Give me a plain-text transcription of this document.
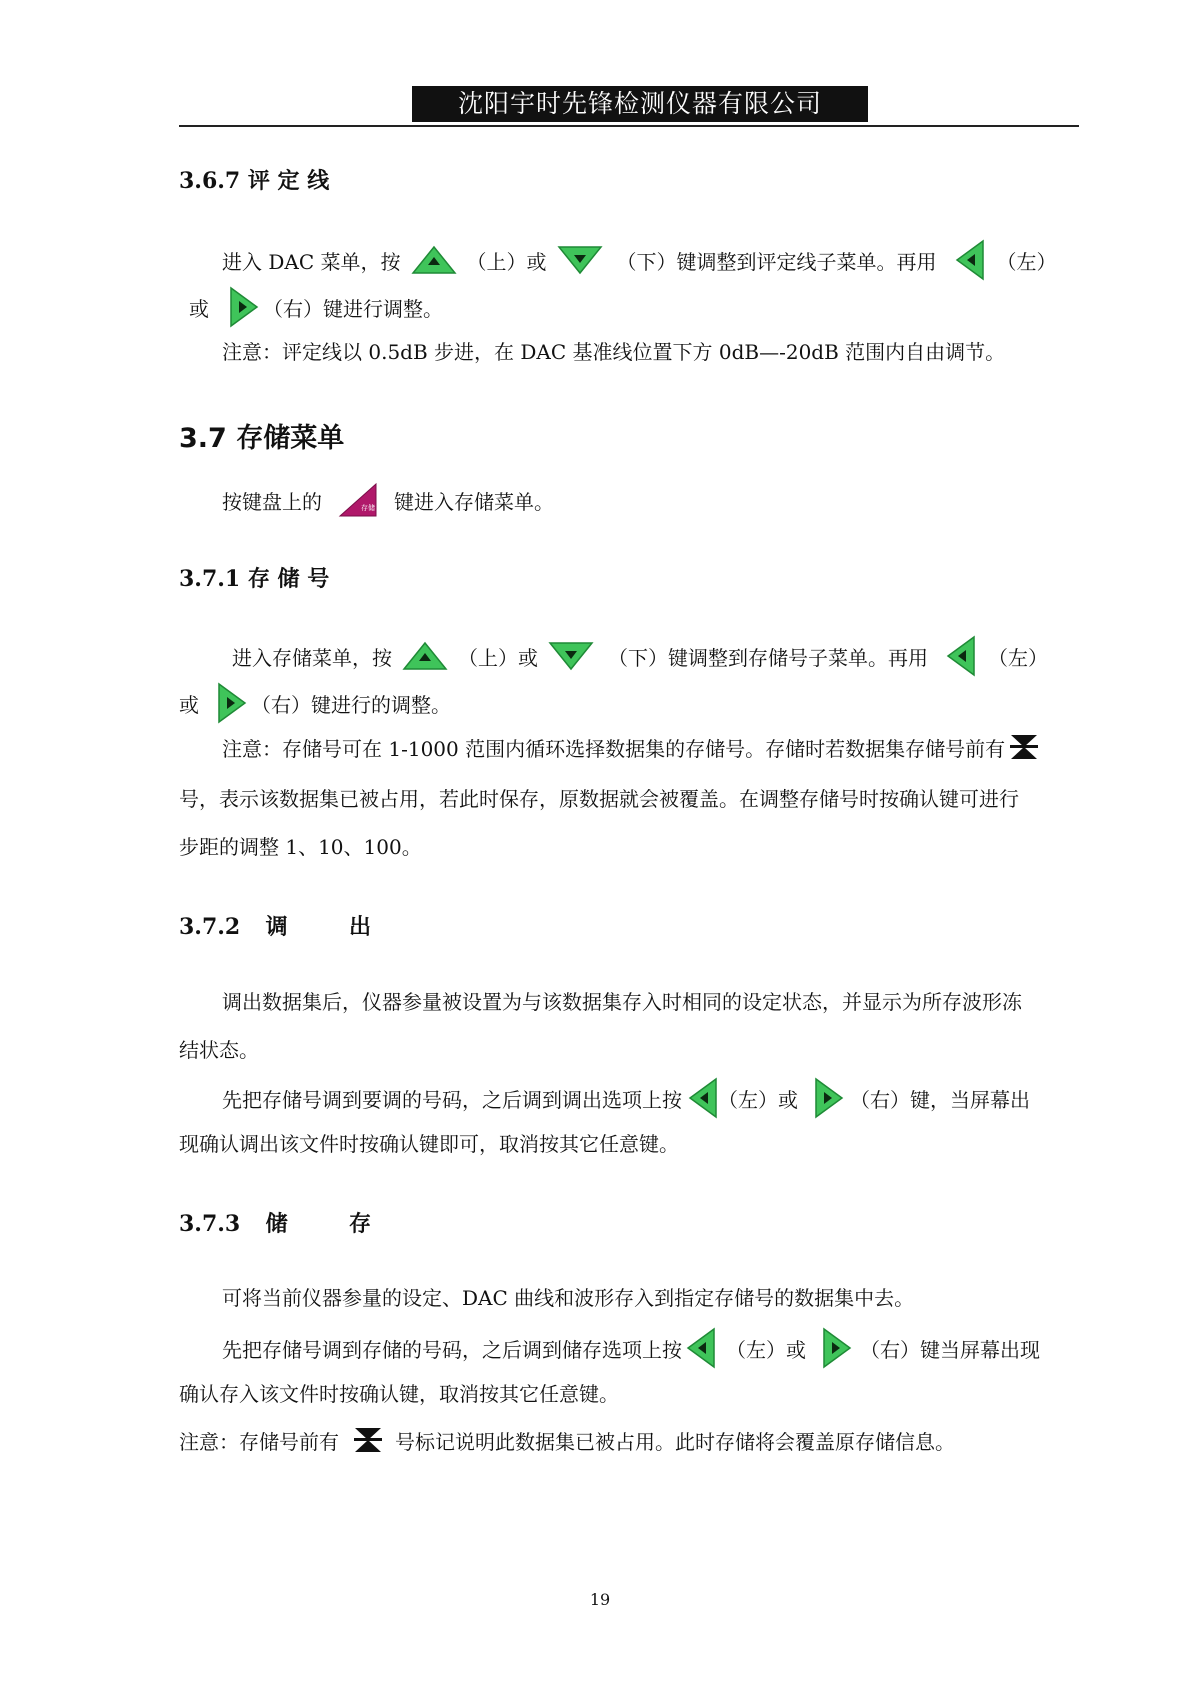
沈阳宇时先锋检测仪器有限公司
3.6.7 评 定 线
进入 DAC 菜单，按	（上）或	（下）键调整到评定线子菜单。再用	（左）
或	（右）键进行调整。
注意：评定线以 0.5dB 步进，在 DAC 基准线位置下方 0dB—-20dB 范围内自由调节。
3.7 存储菜单
按键盘上的	存储 键进入存储菜单。
3.7.1 存 储 号
进入存储菜单，按	（上）或	（下）键调整到存储号子菜单。再用	（左）
或	（右）键进行的调整。
注意：存储号可在 1-1000 范围内循环选择数据集的存储号。存储时若数据集存储号前有
号，表示该数据集已被占用，若此时保存，原数据就会被覆盖。在调整存储号时按确认键可进行
步距的调整 1、10、100。
3.7.2 调	出
调出数据集后，仪器参量被设置为与该数据集存入时相同的设定状态，并显示为所存波形冻
结状态。
先把存储号调到要调的号码，之后调到调出选项上按 （左）或	（右）键，当屏幕出
现确认调出该文件时按确认键即可，取消按其它任意键。
3.7.3 储	存
可将当前仪器参量的设定、DAC 曲线和波形存入到指定存储号的数据集中去。
先把存储号调到存储的号码，之后调到储存选项上按 （左）或	（右）键当屏幕出现
确认存入该文件时按确认键，取消按其它任意键。
注意：存储号前有	号标记说明此数据集已被占用。此时存储将会覆盖原存储信息。
19
